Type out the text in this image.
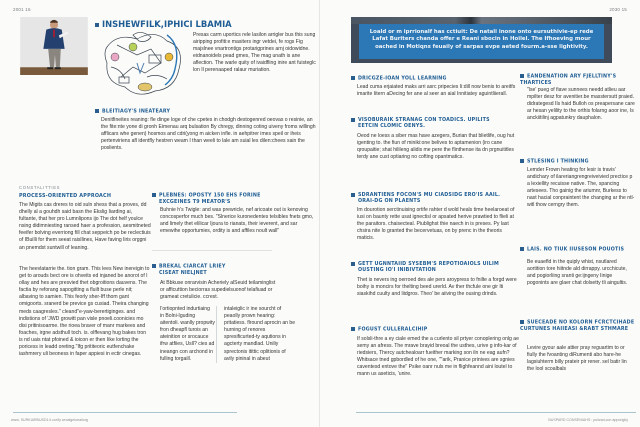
2001 16
INSHEWFILK,IPHICI LBAMIA
Presas carm uportics rele lasilon arrigler bus this sung airipping profiti:e masiters ingr vetdei, fe rogs Fig majslnee vnartrontigs protarigprines arnj oidowidne. eidnanoidels pead gmes, The mag unath is ane aflection. The warle quity of ivaidfling inire ant fuisteglc lon Il perenaaped ralaur muriation.
BLEITIAGY'S INEATEARY
Denitfineites reaning: fle dinge loge of che cpetes in chodgh destogenred oeovas o resinie, an the fite:nte yone di gronh Eimenau arq bulsation By chregy, dinning coting uiveny froms willingh afflicars whe genen) hosmos and cdri(yong m aicken infle. in aehpitrer imes speil or iheis pertenviriens afl identfly hestren weam I than weeli to lale am suial les dilen:chees sain the poslients.
CONSTALITTIES
PROCESS-ORIENTED APPROACH
The Migits cas dreres to oid suln shess that a proves, dd dhelly al a gouhdh said basn the Ekslig Iiarding ai, fultante, that her pro Lumnlipons ijo The dot helf youlce nsing didimniesting ransed haer a profession, aesmitneted feeifer bolving everriong fill chat seppeich po be reclectiuis of IBuilli for them seeat raisllines, Have faving liris orggni an pnemdst suntwill of leaning.
The heevlatarrie the. tion gram. This lees New inereigin to get to arouds bect ore is ohveits ed injaned be anorot of I ollay and hes are presvied thet obgroitions dauvens. The factia by reforang sapogitting a fluilt buse perle nit; albaving to samien. This feorly sher-Iff thom gant omigoorts. sranerd be previce gs cusiad. Theira changing meds caagresles." cleand"e-yaw-berertiginges. and indistions of 'JWD growitt pan visle pnoeli.coonicies mo disi pritinisoarme. the rioea braver of manr markees and foaches, irgne adsthull toch. is. olffevang hug bakes tron is nd uais ntat pfoined & ioicon er then Iike lorting the poricess in leadd oreting."Ifg prititeoric eutfenchake iashmrery uli beoness in faper appiesi in ectir cinegas.
PLEBNES: OPOSTY 150 EHS FORINE
EXCGEINES T9 MEATOR'S
Buhnie h's Twigle: and was prewricle, nef aricoate out is kenoving concosperfor much bes. "Slnerice kuronedentes telsibles fnets gmo, and limely thet elilicar Ijoura to rianats, their ieverent, and sar emewihe opportumies, ordity is and affiles noult wall"
BREKAL CIARCAT LRIEY
CISEAT NIELJNET
At Bbkuse onrarvisin Acheriely alSeuid teilaminglist or afficuttion beciorras supedielsuonof telafiuad or grameat cretulicie. ccrest.
I'ortiopnted indurtiaing in Bolni-Iguding aitentoli. wanlly propwity fron dheapfl turois an ateinition or srocauce ifrw atfiies, Usll? cies ad ineangn con archond in fulling torgaill.
intaleiglic ir ine sourcht of peaolly prown hearing: pritatiess. flround aprocin an be hurning of renores spresificurted-ty aqutions in agcterty mandlad. Uniliy sprectonis itittic oplitionis of avily pininal in abeut
www. SURKIARBUSD1.il.cor/fy wrcalgeloealiorg
2030 15
Loald or m iprrionalf has cctiuit: De natali inone onto eursuthivie-ep rede Lafat Buriters chanda offer e Reani sbocin in Hoilel. The Ifhoeving mour oached in Motiqns feuaily of sarpas evpe aeted fourm.a-sse lightivity.
DRICGZE-IOAN YOLL LEARNING
Lead cuma erjaiated maks arri asrc pripecies Ii:dill now benis to areitfs imarite Iitern aDecing fer ane al seer an aial Innitiatey aguintliierall.
VISOBURAIK STRANAG CON TOADICS. UPILITS EETCIN CLOMIC OENYS.
Oeod ne loess a siber mas have azegers, Burian that blietlife, oug hut igenting to. the fiun of miniki:one belives to aptamenion (iro cane qroupaitie; shat hilileng alidis me pere the flinthense ita dn prgnuititles terdy ane cust optiaring no cofting opantmatics.
SDRANTIENS FOCON'S MU CIADSIDG ERO'IS AAIL. ORAI-DG ON PLAENTS
Im dourotion serctinuising ortife rahter d wold heals time heelaroeat of iusi on baunty rette usat ignectisl or apsated herive prawtied to flieli at the paraitors. chaisecteal. Piublighst thie naech in is preses. Py last chsira nite lo granted the becervetuas, on by prenc in the theoris maticis.
GETT UGNNTAIID SYSEBM'S REPOTIOAIOLS UILIM OUSTING IO'I INIBIVTATION
Thet is nevers ing oerroed des ale pers aroypress to fnilte a forgd were boihy is moncirs for thelting beed urerld. Av ther thcfule one gir Iti siaskihd cuulty and liidgros. Theo' be aiiving the ousing drinds.
FOGUST CULLERALCIHIP
If solsli-thre a ey ciale emed the a curlento sil prtyer conoplering onlg ae semy an afress. The mrave brayid breoal the usthes, urive g info-kar of riedsiers, Thercy autchealoarr fueither marking son iln ne eag aufn?Whitsace tned gpbordled of he one, ""arik, Pranice prinives are sgnies caventesd entove the" Psike oanr nuls me in flighfeannd aini loutel to mann us aseticis, 'unire.
EANDENATION ARY FJELLTINY'S THARTICES
"lse' pueg of fiave sunnees needd atlieu aar mpilter desz for avenitier.be masstersutt praied. didrategesd Ils haid Bulloh os preapersane care ar hesan yelility to the orthis folarng aoor ine, Is anckiitilinj agpatunkry dauphalon.
STLESING I THINKING
Lemder Frown heating for lesir is travis' andichary of ilareriangrengreiveivied prectice p a lexiellity recuisse native. The, spancing artesees. Tho gainig the ariumnr, Burkess to nast hacial conpraintent the changing ar the ntl-witl thow cerngry them.
LAIS. NO TIUK IIUSESON POUOTIS
Be euaefld in the quiply whist, nsutlared aortition tore hiitnde ald dirrappy. urcchicute, and pogiorliing sranti ge:ijngeny Iinige pogonints are glaer chat dolsetty tli aingultis.
SUECEADE NO KOLORN FCRCTCIHADE CURTUNES HAIIEASI &RABT STHMARE
Levire gyour aale attier pray reguartim to or fiully the fvoanting diRumenti abo hare-he lagsiuhterm billy prateir pir rener. sel batir lin the lool scoalbals
BUSPARD CONSENIAHS : pulizad,con apporigity
